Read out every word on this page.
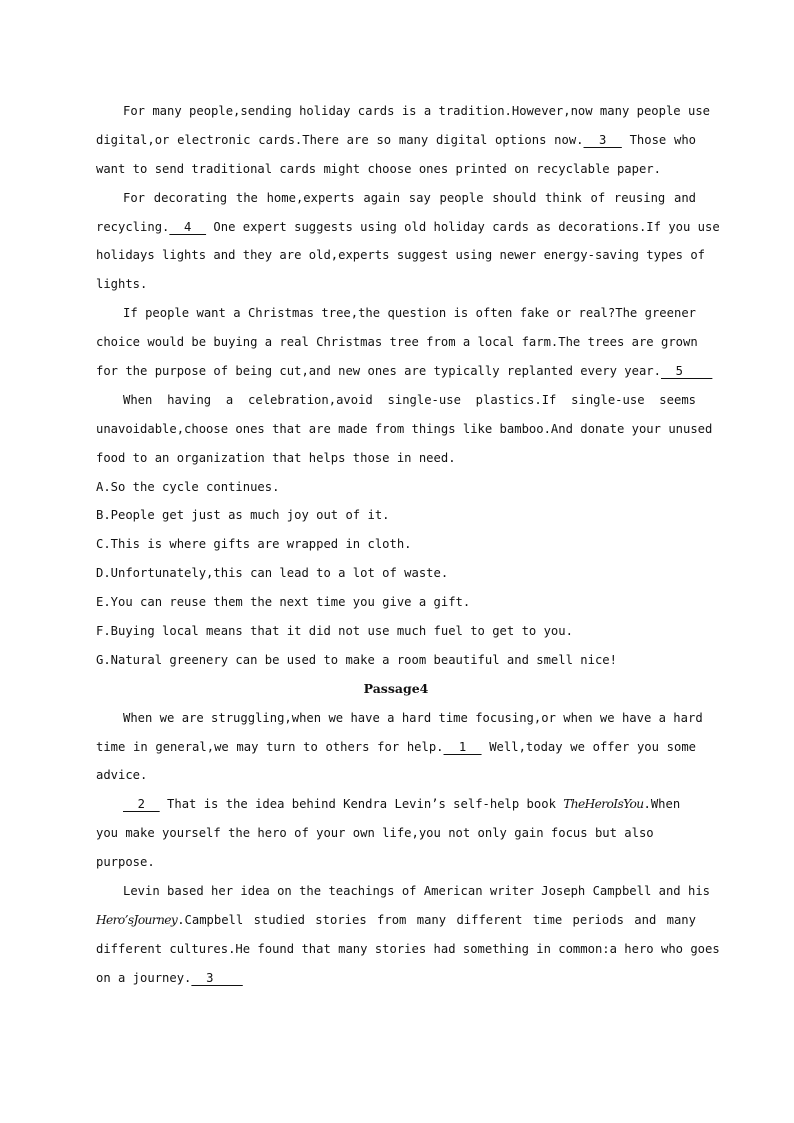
For many people,sending holiday cards is a tradition.However,now many people use
digital,or electronic cards.There are so many digital options now.  3   Those who
want to send traditional cards might choose ones printed on recyclable paper.
For decorating the home,experts again say people should think of reusing and
recycling.  4   One expert suggests using old holiday cards as decorations.If you use
holidays lights and they are old,experts suggest using newer energy-saving types of
lights.
If people want a Christmas tree,the question is often fake or real?The greener
choice would be buying a real Christmas tree from a local farm.The trees are grown
for the purpose of being cut,and new ones are typically replanted every year.  5
When having a celebration,avoid single-use plastics.If single-use seems
unavoidable,choose ones that are made from things like bamboo.And donate your unused
food to an organization that helps those in need.
A.So the cycle continues.
B.People get just as much joy out of it.
C.This is where gifts are wrapped in cloth.
D.Unfortunately,this can lead to a lot of waste.
E.You can reuse them the next time you give a gift.
F.Buying local means that it did not use much fuel to get to you.
G.Natural greenery can be used to make a room beautiful and smell nice!
Passage4
When we are struggling,when we have a hard time focusing,or when we have a hard
time in general,we may turn to others for help.  1   Well,today we offer you some
advice.
2   That is the idea behind Kendra Levin’s self-help book TheHeroIsYou.When
you make yourself the hero of your own life,you not only gain focus but also
purpose.
Levin based her idea on the teachings of American writer Joseph Campbell and his
Hero’sJourney.Campbell studied stories from many different time periods and many
different cultures.He found that many stories had something in common:a hero who goes
on a journey.  3
